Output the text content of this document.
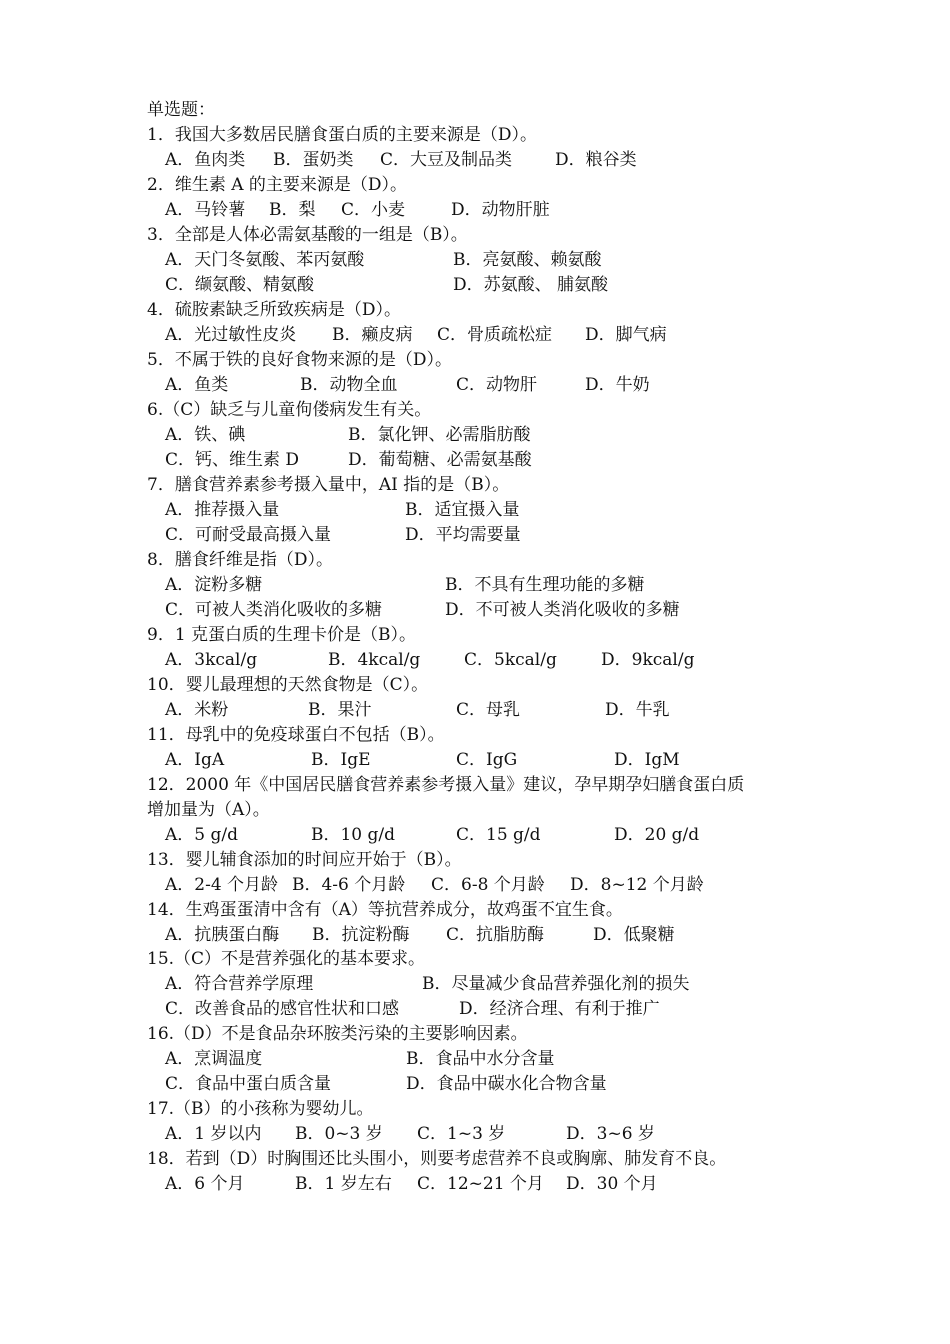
单选题：
1．我国大多数居民膳食蛋白质的主要来源是（D）。
A．鱼肉类 B．蛋奶类 C．大豆及制品类	D．粮谷类
2．维生素 A 的主要来源是（D）。
A．马铃薯 B．梨 C．小麦	D．动物肝脏
3．全部是人体必需氨基酸的一组是（B）。
A．天门冬氨酸、苯丙氨酸	B．亮氨酸、赖氨酸
C．缬氨酸、精氨酸	D．苏氨酸、 脯氨酸
4．硫胺素缺乏所致疾病是（D）。
A．光过敏性皮炎 B．癞皮病 C．骨质疏松症 D．脚气病
5．不属于铁的良好食物来源的是（D）。
A．鱼类	B．动物全血	C．动物肝	D．牛奶
6.（C）缺乏与儿童佝偻病发生有关。
A．铁、碘	B．氯化钾、必需脂肪酸
C．钙、维生素 D	D．葡萄糖、必需氨基酸
7．膳食营养素参考摄入量中，AI 指的是（B）。
A．推荐摄入量	B．适宜摄入量
C．可耐受最高摄入量	D．平均需要量
8．膳食纤维是指（D）。
A．淀粉多糖	B．不具有生理功能的多糖
C．可被人类消化吸收的多糖	D．不可被人类消化吸收的多糖
9．1 克蛋白质的生理卡价是（B）。
A．3kcal/g	B．4kcal/g	C．5kcal/g	D．9kcal/g
10．婴儿最理想的天然食物是（C）。
A．米粉	B．果汁	C．母乳	D．牛乳
11．母乳中的免疫球蛋白不包括（B）。
A．IgA	B．IgE	C．IgG	D．IgM
12．2000 年《中国居民膳食营养素参考摄入量》建议，孕早期孕妇膳食蛋白质
增加量为（A）。
A．5 g/d	B．10 g/d	C．15 g/d	D．20 g/d
13．婴儿辅食添加的时间应开始于（B）。
A．2-4 个月龄 B．4-6 个月龄 C．6-8 个月龄 D．8~12 个月龄
14．生鸡蛋蛋清中含有（A）等抗营养成分，故鸡蛋不宜生食。
A．抗胰蛋白酶 B．抗淀粉酶 C．抗脂肪酶	D．低聚糖
15.（C）不是营养强化的基本要求。
A．符合营养学原理	B．尽量减少食品营养强化剂的损失
C．改善食品的感官性状和口感	D．经济合理、有利于推广
16.（D）不是食品杂环胺类污染的主要影响因素。
A．烹调温度	B．食品中水分含量
C．食品中蛋白质含量	D．食品中碳水化合物含量
17.（B）的小孩称为婴幼儿。
A．1 岁以内 B．0~3 岁 C．1~3 岁	D．3~6 岁
18．若到（D）时胸围还比头围小，则要考虑营养不良或胸廓、肺发育不良。
A．6 个月	B．1 岁左右 C．12~21 个月 D．30 个月
